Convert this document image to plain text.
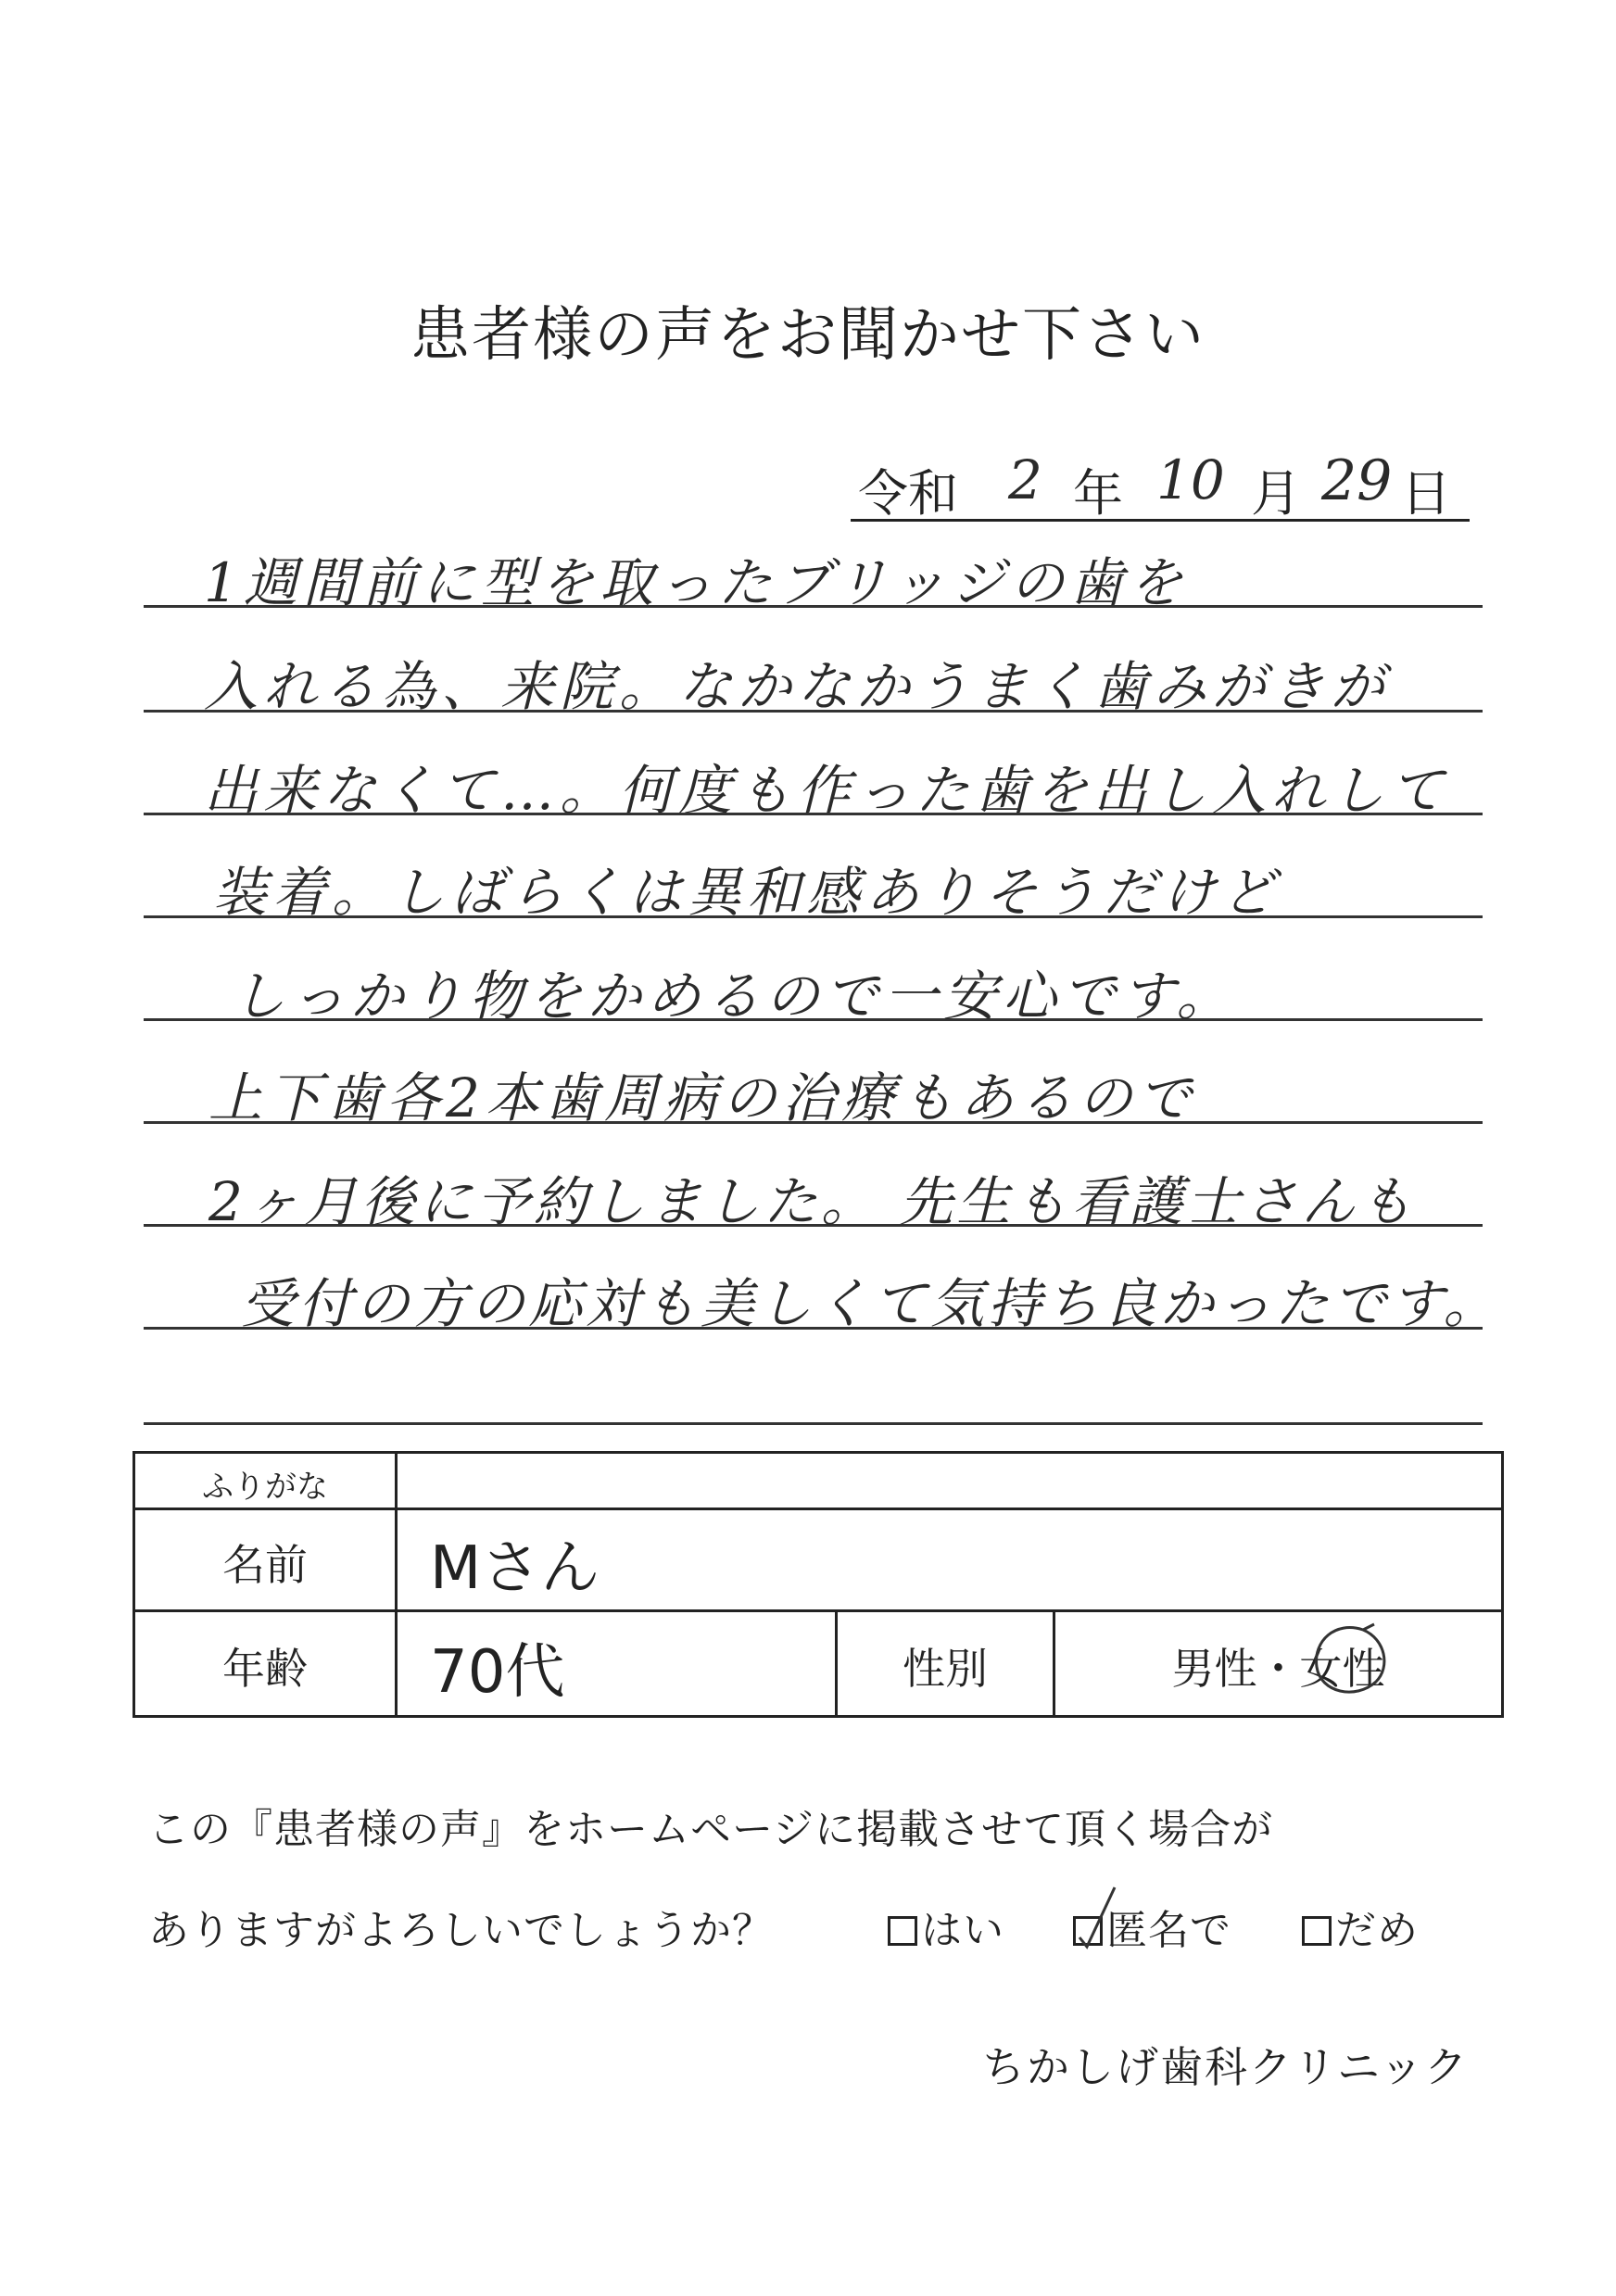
患者様の声をお聞かせ下さい
令和 2 年 10 月 29 日
1週間前に型を取ったブリッジの歯を
入れる為、来院。なかなかうまく歯みがきが
出来なくて…。何度も作った歯を出し入れして
装着。しばらくは異和感ありそうだけど
しっかり物をかめるので一安心です。
上下歯各2本歯周病の治療もあるので
2ヶ月後に予約しました。 先生も看護士さんも
受付の方の応対も美しくて気持ち良かったです。
ふりがな
名前	Mさん
年齢	70代	性別	男性・女性
この『患者様の声』をホームページに掲載させて頂く場合が
ありますがよろしいでしょうか？	はい	匿名で	だめ
ちかしげ歯科クリニック
